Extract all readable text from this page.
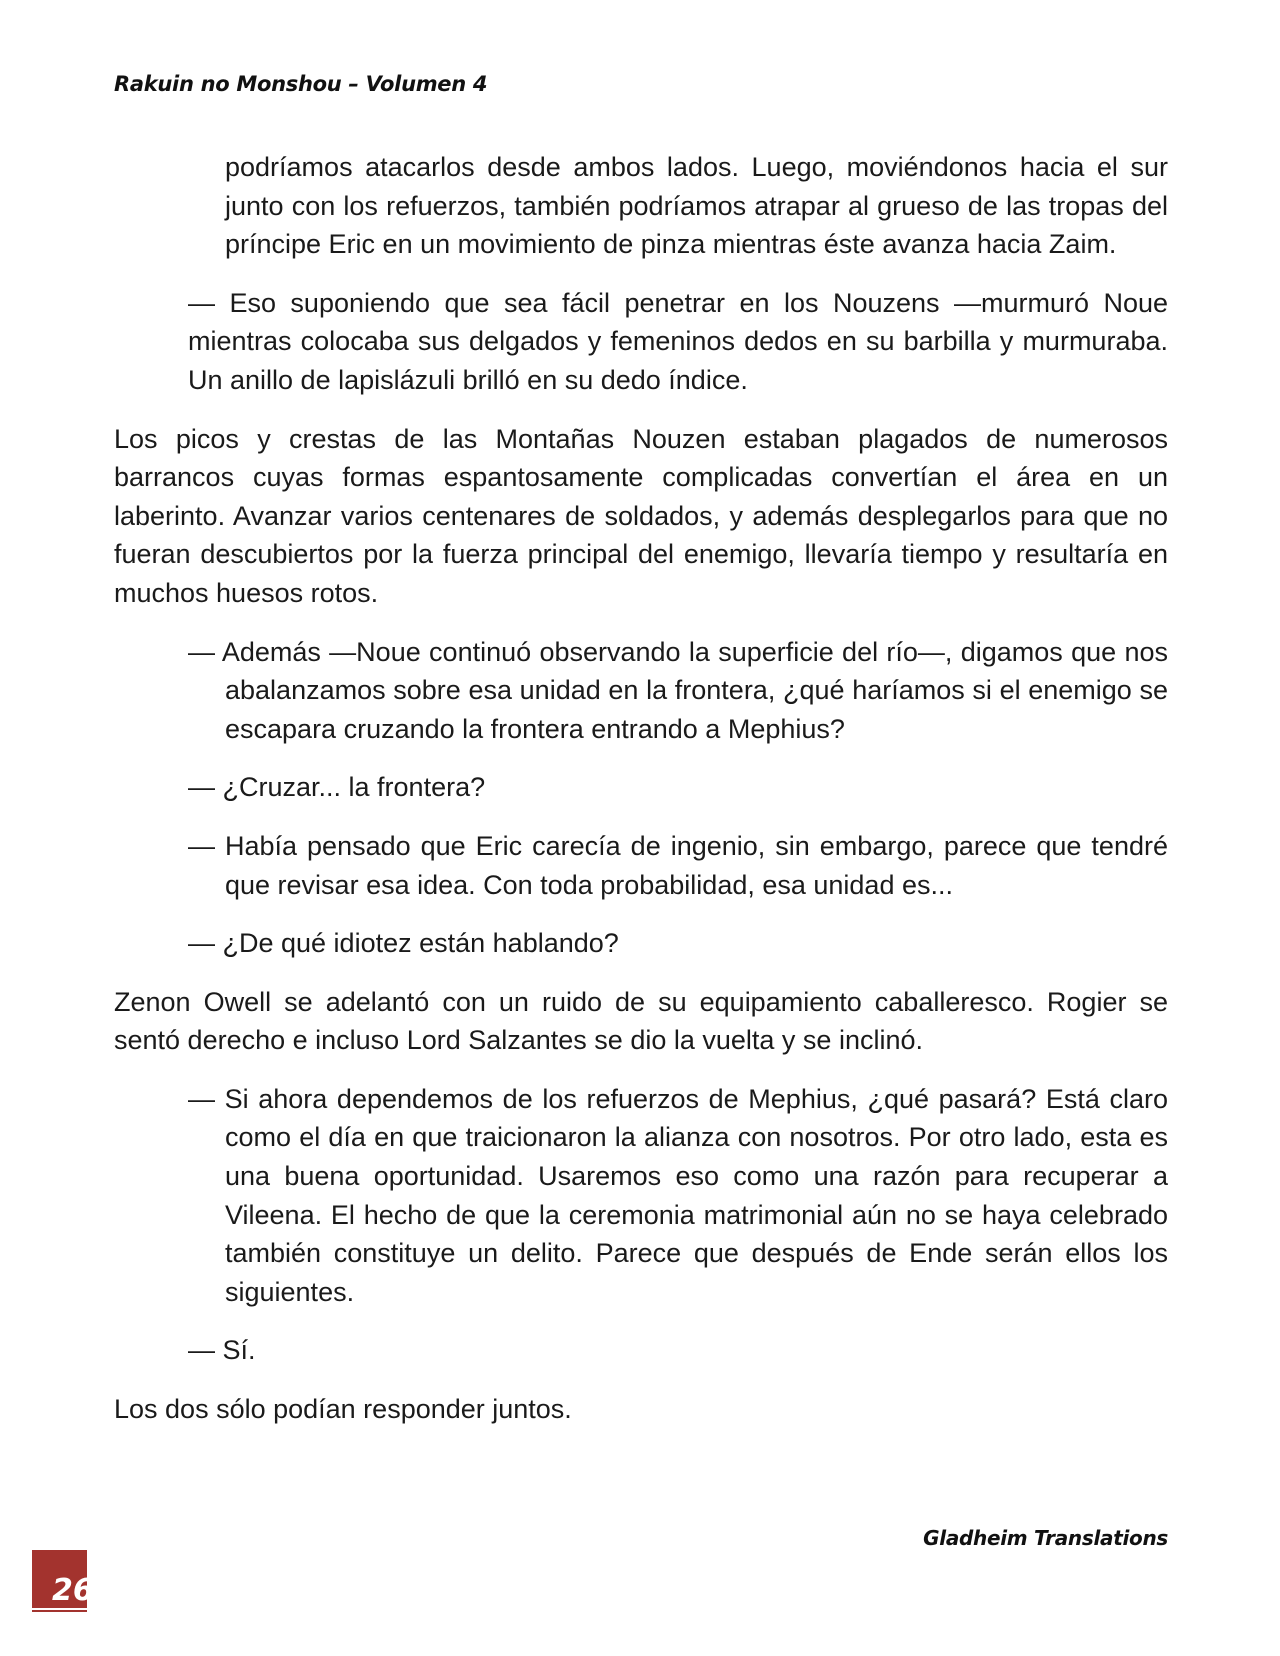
Rakuin no Monshou – Volumen 4

podríamos atacarlos desde ambos lados. Luego, moviéndonos hacia el sur junto con los refuerzos, también podríamos atrapar al grueso de las tropas del príncipe Eric en un movimiento de pinza mientras éste avanza hacia Zaim.

— Eso suponiendo que sea fácil penetrar en los Nouzens —murmuró Noue mientras colocaba sus delgados y femeninos dedos en su barbilla y murmuraba. Un anillo de lapislázuli brilló en su dedo índice.

Los picos y crestas de las Montañas Nouzen estaban plagados de numerosos barrancos cuyas formas espantosamente complicadas convertían el área en un laberinto. Avanzar varios centenares de soldados, y además desplegarlos para que no fueran descubiertos por la fuerza principal del enemigo, llevaría tiempo y resultaría en muchos huesos rotos.

— Además —Noue continuó observando la superficie del río—, digamos que nos abalanzamos sobre esa unidad en la frontera, ¿qué haríamos si el enemigo se escapara cruzando la frontera entrando a Mephius?

— ¿Cruzar... la frontera?

— Había pensado que Eric carecía de ingenio, sin embargo, parece que tendré que revisar esa idea. Con toda probabilidad, esa unidad es...

— ¿De qué idiotez están hablando?

Zenon Owell se adelantó con un ruido de su equipamiento caballeresco. Rogier se sentó derecho e incluso Lord Salzantes se dio la vuelta y se inclinó.

— Si ahora dependemos de los refuerzos de Mephius, ¿qué pasará? Está claro como el día en que traicionaron la alianza con nosotros. Por otro lado, esta es una buena oportunidad. Usaremos eso como una razón para recuperar a Vileena. El hecho de que la ceremonia matrimonial aún no se haya celebrado también constituye un delito. Parece que después de Ende serán ellos los siguientes.

— Sí.

Los dos sólo podían responder juntos.

Gladheim Translations
26
